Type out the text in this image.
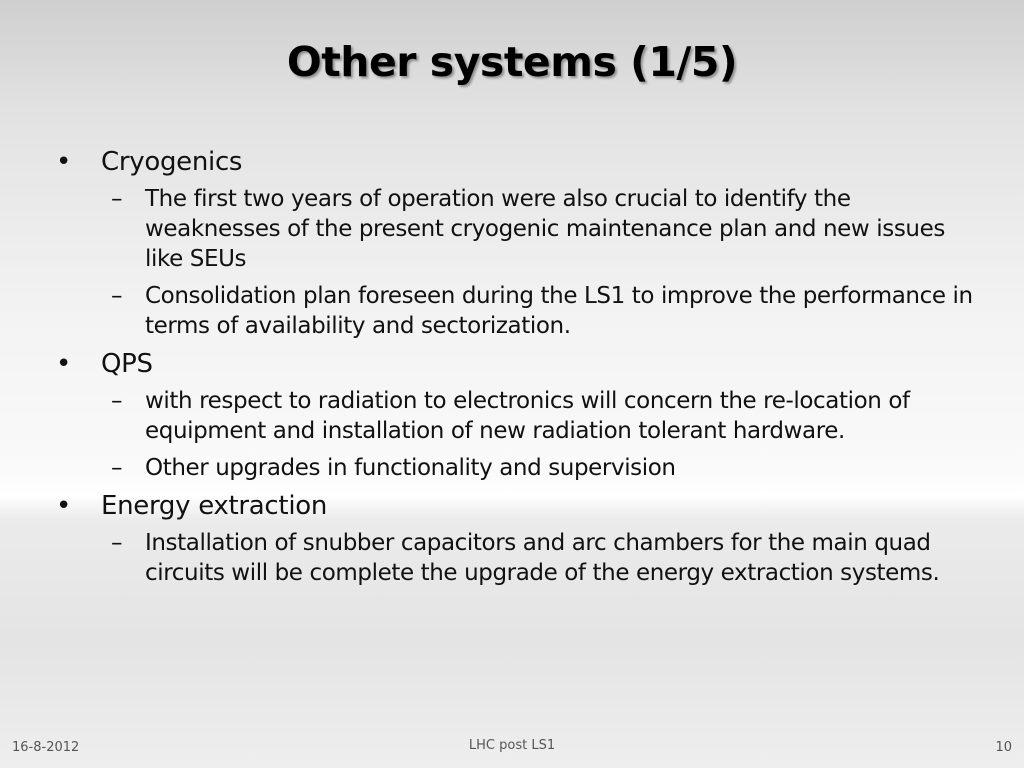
Other systems (1/5)
• Cryogenics
– The first two years of operation were also crucial to identify the weaknesses of the present cryogenic maintenance plan and new issues like SEUs
– Consolidation plan foreseen during the LS1 to improve the performance in terms of availability and sectorization.
• QPS
– with respect to radiation to electronics will concern the re-location of equipment and installation of new radiation tolerant hardware.
– Other upgrades in functionality and supervision
• Energy extraction
– Installation of snubber capacitors and arc chambers for the main quad circuits will be complete the upgrade of the energy extraction systems.
16-8-2012	LHC post LS1	10
